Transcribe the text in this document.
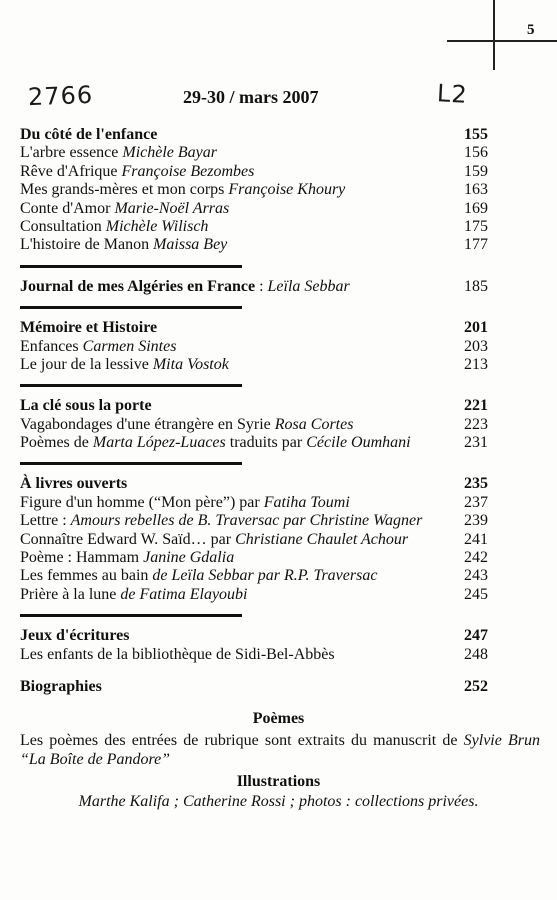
5
2766	L2
29-30 / mars 2007
Du côté de l'enfance	155
L'arbre essence Michèle Bayar	156
Rêve d'Afrique Françoise Bezombes	159
Mes grands-mères et mon corps Françoise Khoury	163
Conte d'Amor Marie-Noël Arras	169
Consultation Michèle Wilisch	175
L'histoire de Manon Maissa Bey	177
Journal de mes Algéries en France : Leïla Sebbar	185
Mémoire et Histoire	201
Enfances Carmen Sintes	203
Le jour de la lessive Mita Vostok	213
La clé sous la porte	221
Vagabondages d'une étrangère en Syrie Rosa Cortes	223
Poèmes de Marta López-Luaces traduits par Cécile Oumhani	231
À livres ouverts	235
Figure d'un homme (“Mon père”) par Fatiha Toumi	237
Lettre : Amours rebelles de B. Traversac par Christine Wagner	239
Connaître Edward W. Saïd… par Christiane Chaulet Achour	241
Poème : Hammam Janine Gdalia	242
Les femmes au bain de Leïla Sebbar par R.P. Traversac	243
Prière à la lune de Fatima Elayoubi	245
Jeux d'écritures	247
Les enfants de la bibliothèque de Sidi-Bel-Abbès	248
Biographies	252
Poèmes
Les poèmes des entrées de rubrique sont extraits du manuscrit de Sylvie Brun “La Boîte de Pandore”
Illustrations
Marthe Kalifa ; Catherine Rossi ; photos : collections privées.
